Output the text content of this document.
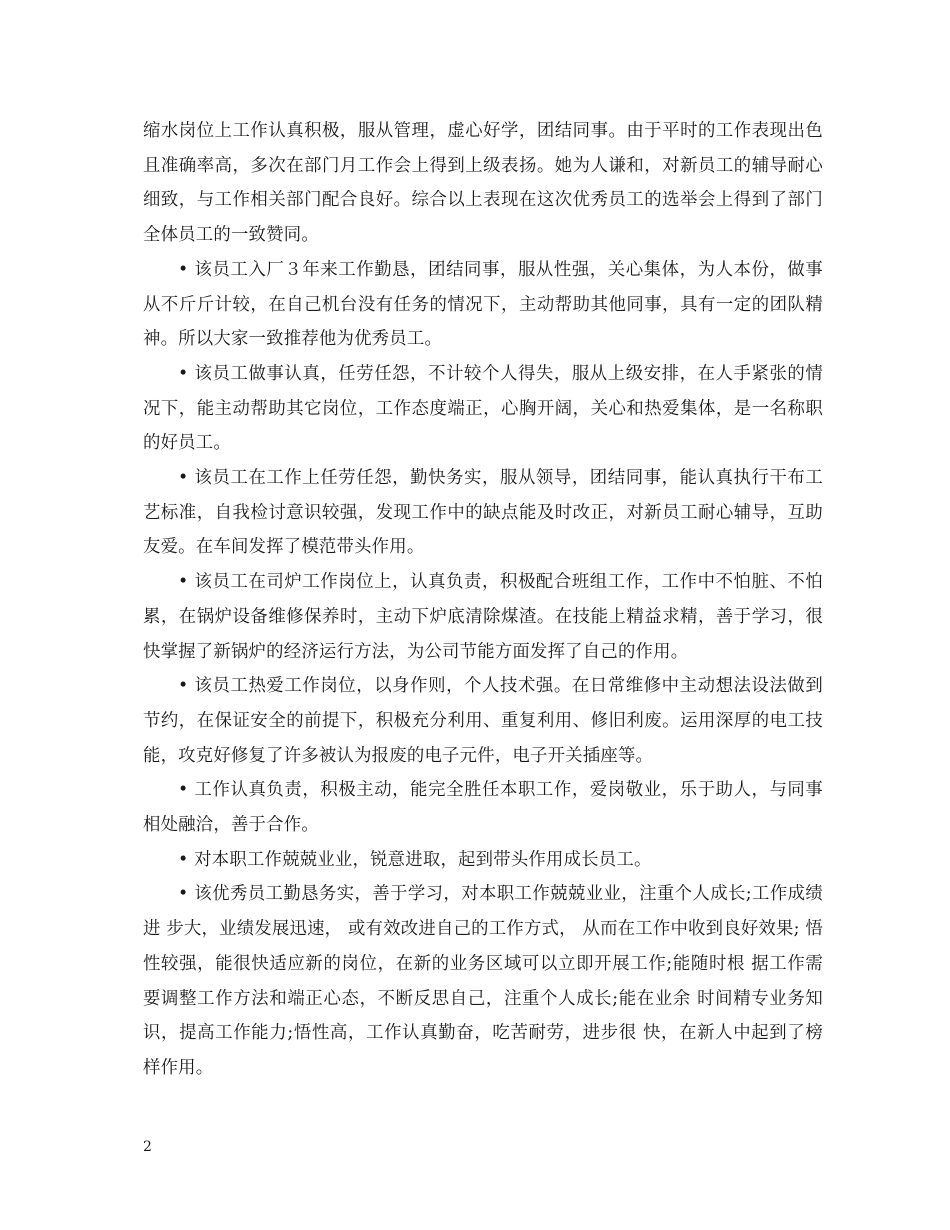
缩水岗位上工作认真积极，服从管理，虚心好学，团结同事。由于平时的工作表现出色且准确率高，多次在部门月工作会上得到上级表扬。她为人谦和，对新员工的辅导耐心细致，与工作相关部门配合良好。综合以上表现在这次优秀员工的选举会上得到了部门全体员工的一致赞同。

• 该员工入厂３年来工作勤恳，团结同事，服从性强，关心集体，为人本份，做事从不斤斤计较，在自己机台没有任务的情况下，主动帮助其他同事，具有一定的团队精神。所以大家一致推荐他为优秀员工。

• 该员工做事认真，任劳任怨，不计较个人得失，服从上级安排，在人手紧张的情况下，能主动帮助其它岗位，工作态度端正，心胸开阔，关心和热爱集体，是一名称职的好员工。

• 该员工在工作上任劳任怨，勤快务实，服从领导，团结同事，能认真执行干布工艺标准，自我检讨意识较强，发现工作中的缺点能及时改正，对新员工耐心辅导，互助友爱。在车间发挥了模范带头作用。

• 该员工在司炉工作岗位上，认真负责，积极配合班组工作，工作中不怕脏、不怕累，在锅炉设备维修保养时，主动下炉底清除煤渣。在技能上精益求精，善于学习，很快掌握了新锅炉的经济运行方法，为公司节能方面发挥了自己的作用。

• 该员工热爱工作岗位，以身作则，个人技术强。在日常维修中主动想法设法做到节约，在保证安全的前提下，积极充分利用、重复利用、修旧利废。运用深厚的电工技能，攻克好修复了许多被认为报废的电子元件，电子开关插座等。

• 工作认真负责，积极主动，能完全胜任本职工作，爱岗敬业，乐于助人，与同事相处融洽，善于合作。

• 对本职工作兢兢业业，锐意进取，起到带头作用成长员工。

• 该优秀员工勤恳务实，善于学习，对本职工作兢兢业业，注重个人成长;工作成绩进 步大，业绩发展迅速， 或有效改进自己的工作方式， 从而在工作中收到良好效果; 悟性较强，能很快适应新的岗位，在新的业务区域可以立即开展工作;能随时根 据工作需要调整工作方法和端正心态，不断反思自己，注重个人成长;能在业余 时间精专业务知识，提高工作能力;悟性高，工作认真勤奋，吃苦耐劳，进步很 快，在新人中起到了榜样作用。

2
